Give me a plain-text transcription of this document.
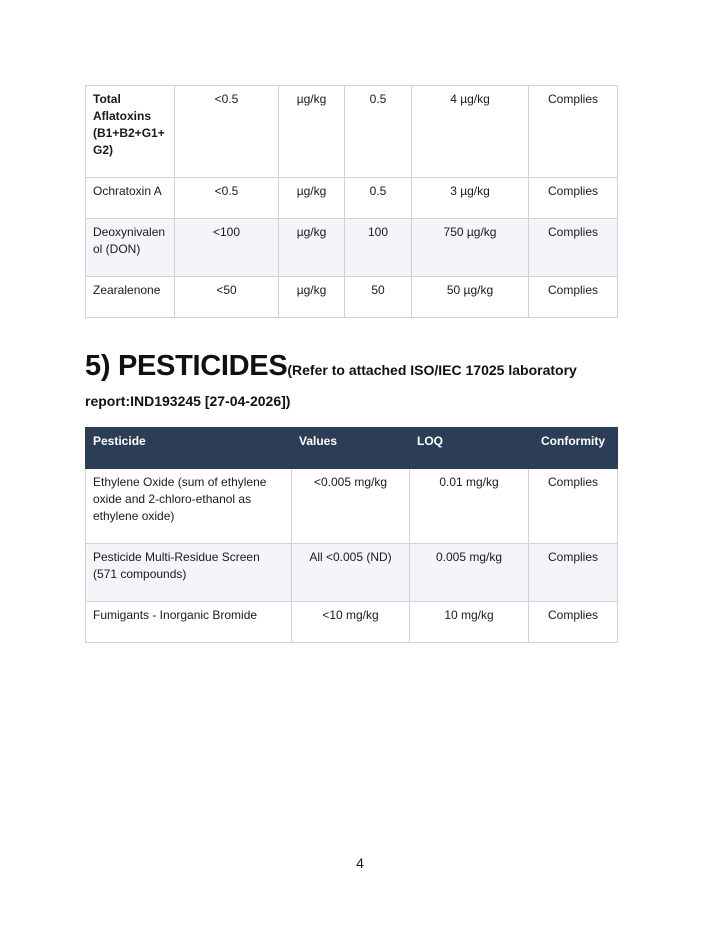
Total Aflatoxins (B1+B2+G1+ G2)	<0.5	µg/kg	0.5	4 µg/kg	Complies

Ochratoxin A	<0.5	µg/kg	0.5	3 µg/kg	Complies

Deoxynivalenol (DON)	<100	µg/kg	100	750 µg/kg	Complies

Zearalenone	<50	µg/kg	50	50 µg/kg	Complies
5) PESTICIDES(Refer to attached ISO/IEC 17025 laboratory
report:IND193245 [27-04-2026])
Pesticide	Values	LOQ	Conformity

Ethylene Oxide (sum of ethylene oxide and 2-chloro-ethanol as ethylene oxide)	<0.005 mg/kg	0.01 mg/kg	Complies

Pesticide Multi-Residue Screen (571 compounds)	All <0.005 (ND)	0.005 mg/kg	Complies

Fumigants - Inorganic Bromide	<10 mg/kg	10 mg/kg	Complies
4
